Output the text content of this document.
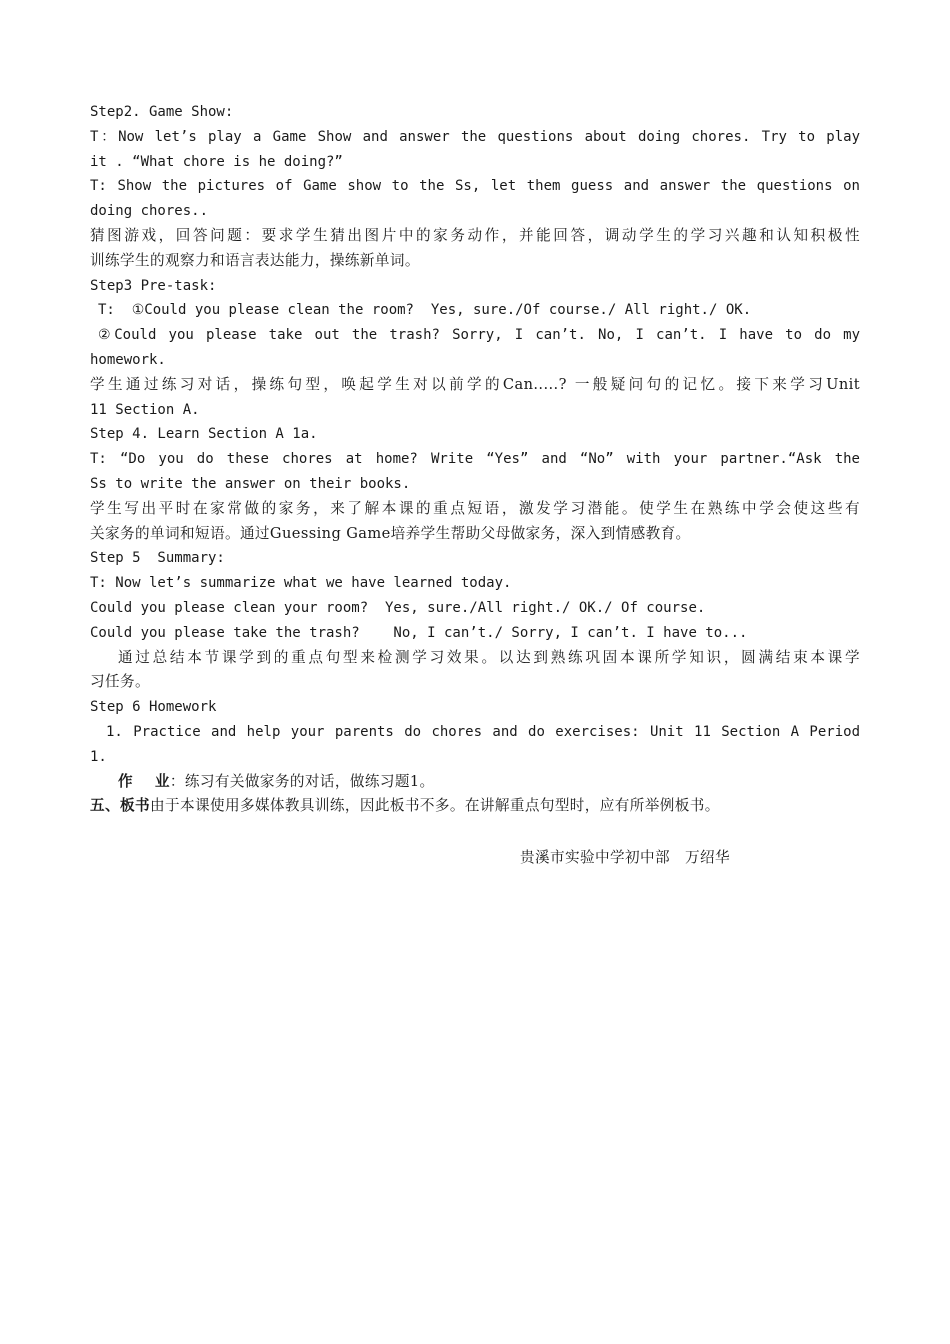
Step2. Game Show:
T：Now let’s play a Game Show and answer the questions about doing chores. Try to play
it . “What chore is he doing?”
T: Show the pictures of Game show to the Ss, let them guess and answer the questions on
doing chores..
猜图游戏，回答问题：要求学生猜出图片中的家务动作，并能回答，调动学生的学习兴趣和认知积极性
训练学生的观察力和语言表达能力，操练新单词。
Step3 Pre-task:
T:  ①Could you please clean the room?  Yes, sure./Of course./ All right./ OK.
②Could you please take out the trash? Sorry, I can’t. No, I can’t. I have to do my
homework.
学生通过练习对话，操练句型，唤起学生对以前学的Can.....? 一般疑问句的记忆。接下来学习Unit
11 Section A.
Step 4. Learn Section A 1a.
T: “Do you do these chores at home? Write “Yes” and “No” with your partner.“Ask the
Ss to write the answer on their books.
学生写出平时在家常做的家务，来了解本课的重点短语，激发学习潜能。使学生在熟练中学会使这些有
关家务的单词和短语。通过Guessing Game培养学生帮助父母做家务，深入到情感教育。
Step 5  Summary:
T: Now let’s summarize what we have learned today.
Could you please clean your room?  Yes, sure./All right./ OK./ Of course.
Could you please take the trash?    No, I can’t./ Sorry, I can’t. I have to...
通过总结本节课学到的重点句型来检测学习效果。以达到熟练巩固本课所学知识，圆满结束本课学
习任务。
Step 6 Homework
1. Practice and help your parents do chores and do exercises: Unit 11 Section A Period
1.
作    业：练习有关做家务的对话，做练习题1。
五、板书由于本课使用多媒体教具训练，因此板书不多。在讲解重点句型时，应有所举例板书。
贵溪市实验中学初中部   万绍华
